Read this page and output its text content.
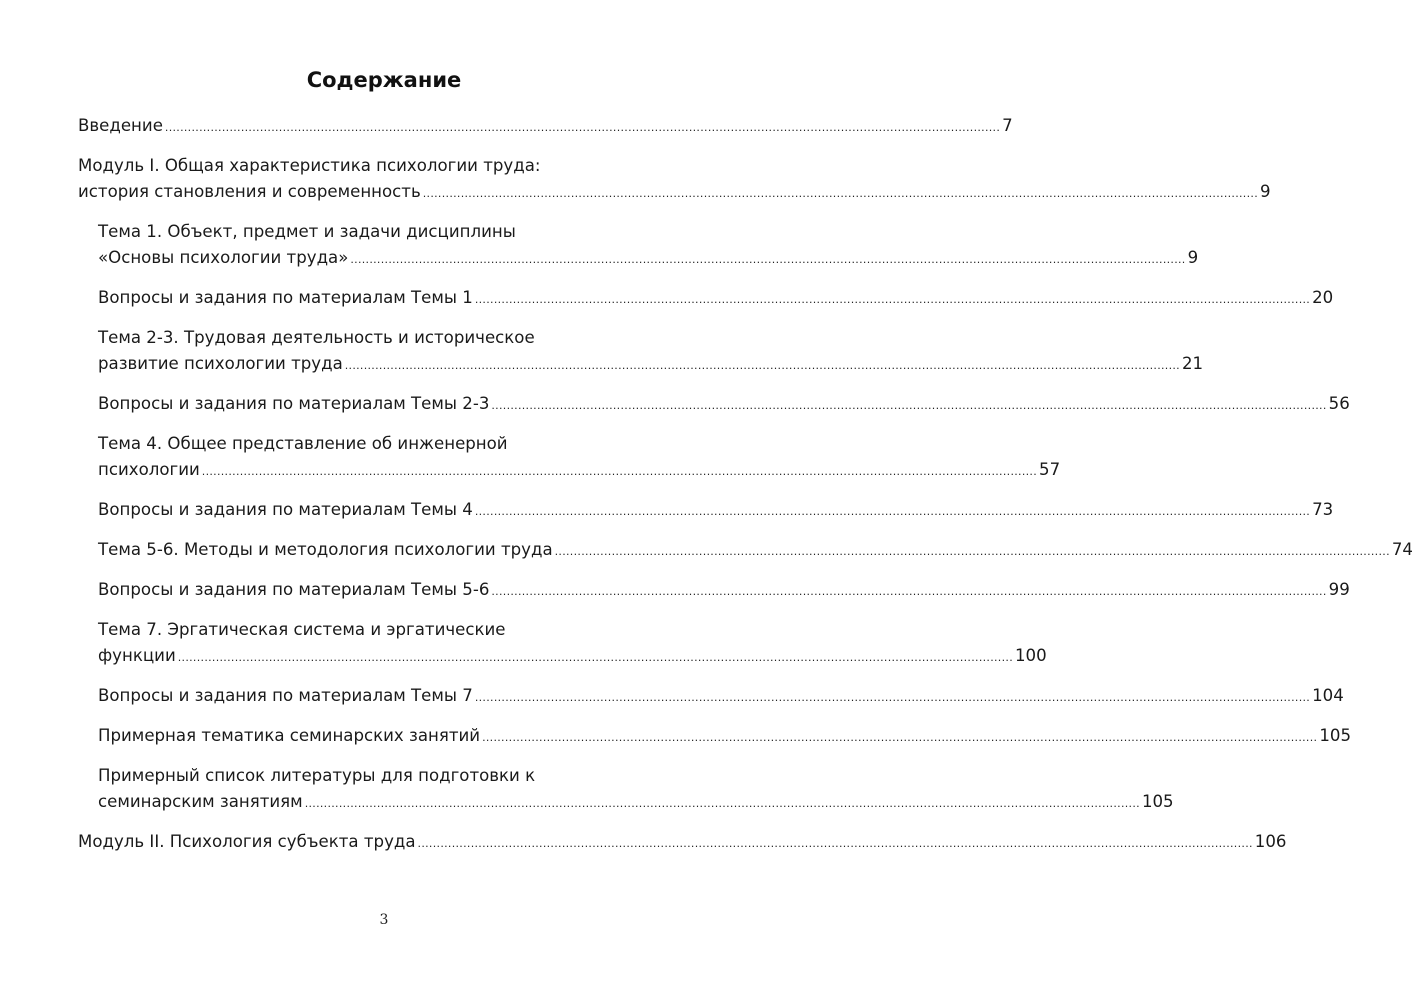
Содержание
Введение ............................................................................................................................................................................................................................ 7
Модуль I. Общая характеристика психологии труда:
история становления и современность ............................................................................................................................................................................................................................ 9
Тема 1. Объект, предмет и задачи дисциплины
«Основы психологии труда» ............................................................................................................................................................................................................................ 9
Вопросы и задания по материалам Темы 1 ............................................................................................................................................................................................................................ 20
Тема 2-3. Трудовая деятельность и историческое
развитие психологии труда ............................................................................................................................................................................................................................ 21
Вопросы и задания по материалам Темы 2-3 ............................................................................................................................................................................................................................ 56
Тема 4. Общее представление об инженерной
психологии ............................................................................................................................................................................................................................ 57
Вопросы и задания по материалам Темы 4 ............................................................................................................................................................................................................................ 73
Тема 5-6. Методы и методология психологии труда ............................................................................................................................................................................................................................ 74
Вопросы и задания по материалам Темы 5-6 ............................................................................................................................................................................................................................ 99
Тема 7. Эргатическая система и эргатические
функции ............................................................................................................................................................................................................................ 100
Вопросы и задания по материалам Темы 7 ............................................................................................................................................................................................................................ 104
Примерная тематика семинарских занятий ............................................................................................................................................................................................................................ 105
Примерный список литературы для подготовки к
семинарским занятиям ............................................................................................................................................................................................................................ 105
Модуль II. Психология субъекта труда ............................................................................................................................................................................................................................ 106
3
